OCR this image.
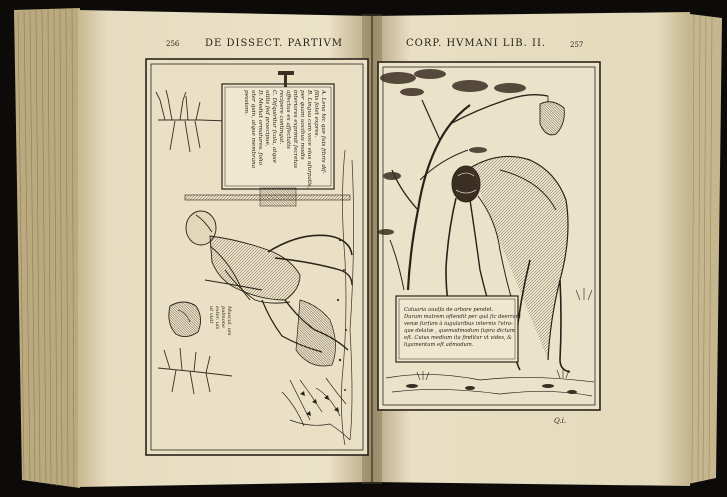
256	DE DISSECT. PARTIVM	CORP. HVMANI LIB. II.	257
A. Lena hic que ſuis fibris diſ-
ſilis ſolet expres.
B. Lingua cum voce eius uſurpatis,
per quam uocibus modis
interiores exprimit ſecretas
affectus ex aſſectatis
recipere contingat.
C. Diſquiritur ſcala, atque
utilis ſed praecipue,
D. Mediat ormatures. ſolio
uter quin, atque membrana
pessiom.
Muscul. um
pulmone
exter. uis
ut visit	Caluaria auulſa de arbore pendet.
Duram matrem oſtendit per quã ſic deerrant
venæ ſurſum à iugularibus internis ?vtra-
que delatæ , quemadmodum ſupra dictum
eſt. Cuius medium ita finditur vt vides, &
ligamentum eſt admodum.
Q.i.
